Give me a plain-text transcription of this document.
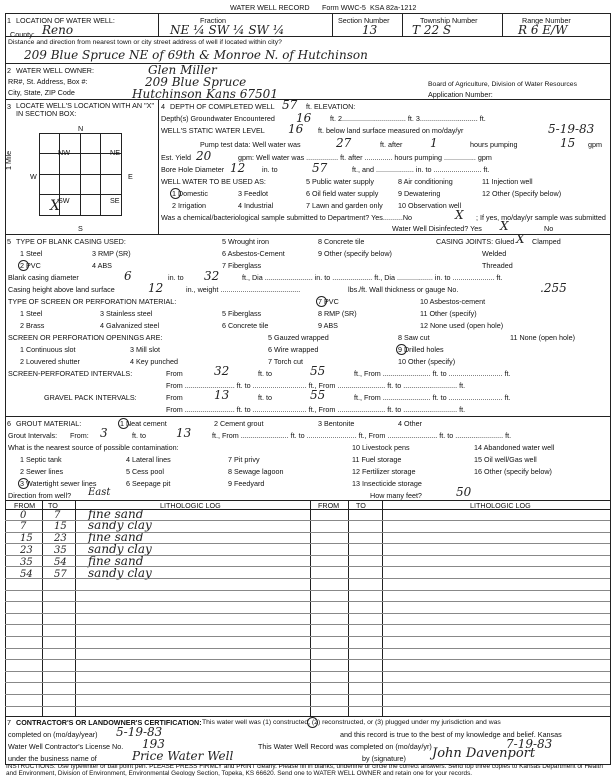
WATER WELL RECORD Form WWC-5 KSA 82a-1212
1 LOCATION OF WATER WELL:
County: Reno
Fraction
NE ¼ SW ¼ SW ¼
Section Number
13
Township Number
T 22 S
Range Number
R 6 E/W
Distance and direction from nearest town or city street address of well if located within city?
209 Blue Spruce NE of 69th & Monroe N. of Hutchinson
2 WATER WELL OWNER:	Glen Miller
RR#, St. Address, Box #:	209 Blue Spruce
City, State, ZIP Code	Hutchinson Kans 67501
Board of Agriculture, Division of Water Resources
Application Number:
3 LOCATE WELL'S LOCATION WITH AN "X" IN SECTION BOX:
N
S
W	E
1 Mile	NW	NE
SW	SE
X
4 DEPTH OF COMPLETED WELL 57 ft. ELEVATION:
Depth(s) Groundwater Encountered 16	ft. 2................................ ft. 3............................. ft.
WELL'S STATIC WATER LEVEL 16 ft. below land surface measured on mo/day/yr	5-19-83
Pump test data: Well water was	27	ft. after 1	hours pumping	15 gpm
Est. Yield 20	gpm: Well water was ................ ft. after .............. hours pumping ................ gpm
Bore Hole Diameter 12 in. to	57	ft., and ................... in. to ........................ ft.
WELL WATER TO BE USED AS:
1 Domestic	3 Feedlot
5 Public water supply	8 Air conditioning	11 Injection well
2 Irrigation	4 Industrial
6 Oil field water supply	9 Dewatering	12 Other (Specify below)
7 Lawn and garden only 10 Observation well
Was a chemical/bacteriological sample submitted to Department? Yes..........No	X ; If yes, mo/day/yr sample was submitted
Water Well Disinfected? Yes X	No
5 TYPE OF BLANK CASING USED:
1 Steel
2 PVC
3 RMP (SR)
4 ABS
5 Wrought iron
6 Asbestos-Cement
7 Fiberglass
8 Concrete tile
9 Other (specify below)
CASING JOINTS: Glued X Clamped
Welded
Threaded
Blank casing diameter	6	in. to 32	ft., Dia ........................ in. to .................... ft., Dia .................. in. to ..................... ft.
Casing height above land surface	12	in., weight ........................................	lbs./ft. Wall thickness or gauge No.	.255
TYPE OF SCREEN OR PERFORATION MATERIAL:
1 Steel
2 Brass
3 Stainless steel
4 Galvanized steel
5 Fiberglass
6 Concrete tile
7 PVC
8 RMP (SR)
9 ABS
10 Asbestos-cement
11 Other (specify)
12 None used (open hole)
SCREEN OR PERFORATION OPENINGS ARE:
1 Continuous slot
2 Louvered shutter
3 Mill slot
4 Key punched
5 Gauzed wrapped
6 Wire wrapped
7 Torch cut
8 Saw cut
9 Drilled holes
10 Other (specify)
11 None (open hole)
SCREEN-PERFORATED INTERVALS:	From	32	ft. to	55	ft., From ........................ ft. to ........................... ft.
From ......................... ft. to ........................... ft., From ........................ ft. to ........................... ft.
GRAVEL PACK INTERVALS:	From	13	ft. to	55	ft., From ........................ ft. to ........................... ft.
From ......................... ft. to ........................... ft., From ........................ ft. to ........................... ft.
6 GROUT MATERIAL:	1 Neat cement	2 Cement grout	3 Bentonite	4 Other
Grout Intervals: From: 3	ft. to	13	ft., From ........................ ft. to ......................... ft., From ......................... ft. to ........................ ft.
What is the nearest source of possible contamination:
1 Septic tank
2 Sewer lines
3 Watertight sewer lines
4 Lateral lines
5 Cess pool
6 Seepage pit
7 Pit privy
8 Sewage lagoon
9 Feedyard
10 Livestock pens
11 Fuel storage
12 Fertilizer storage
13 Insecticide storage
14 Abandoned water well
15 Oil well/Gas well
16 Other (specify below)
Direction from well? East	How many feet?	50
FROM TO	LITHOLOGIC LOG	FROM TO	LITHOLOGIC LOG
0	7 fine sand
7	15 sandy clay
15 23 fine sand
23 35 sandy clay
35 54 fine sand
54 57 sandy clay
7 CONTRACTOR'S OR LANDOWNER'S CERTIFICATION: This water well was (1) constructed, (2) reconstructed, or (3) plugged under my jurisdiction and was
completed on (mo/day/year) 5-19-83	and this record is true to the best of my knowledge and belief. Kansas
Water Well Contractor's License No. 193	This Water Well Record was completed on (mo/day/yr)	7-19-83
under the business name of	Price Water Well	by (signature) John Davenport
INSTRUCTIONS: Use typewriter or ball point pen. PLEASE PRESS FIRMLY and PRINT clearly. Please fill in blanks, underline or circle the correct answers. Send top three copies to Kansas Department of Health and Environment, Division of Environment, Environmental Geology Section, Topeka, KS 66620. Send one to WATER WELL OWNER and retain one for your records.
